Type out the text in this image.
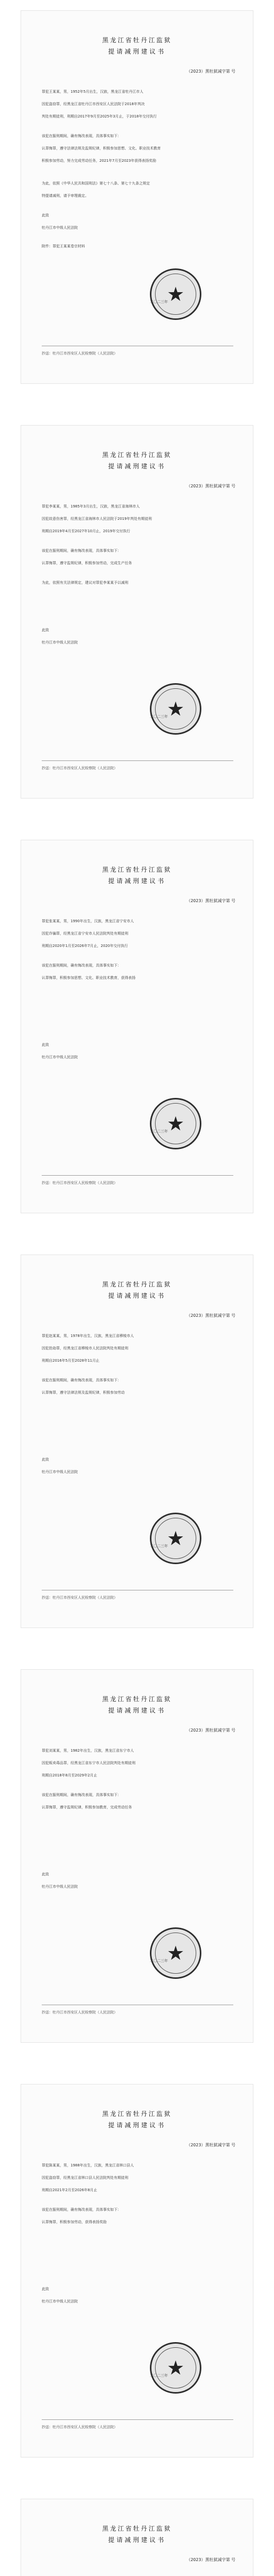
黑龙江省牡丹江监狱
提请减刑建议书
（2023）黑牡狱减字第 号
罪犯王某某，男，1952年5月出生，汉族，黑龙江省牡丹江市人
因犯盗窃罪，经黑龙江省牡丹江市西安区人民法院于2018年判决
判处有期徒刑，刑期自2017年9月至2025年3月止，于2018年交付执行
该犯在服刑期间，确有悔改表现，具体事实如下：
认罪悔罪，遵守法律法规及监规纪律，积极参加思想、文化、职业技术教育
积极参加劳动，努力完成劳动任务，2021年7月至2023年获得表扬奖励
为此，依照《中华人民共和国刑法》第七十八条、第七十九条之规定
特提请减刑，请予审理裁定。
此致
牡丹江市中级人民法院
附件：罪犯王某某卷宗材料
二〇二三年
★
抄送：牡丹江市西安区人民检察院（人民法院）
黑龙江省牡丹江监狱
提请减刑建议书
（2023）黑牡狱减字第 号
罪犯李某某，男，1985年3月出生，汉族，黑龙江省海林市人
因犯故意伤害罪，经黑龙江省海林市人民法院于2019年判处有期徒刑
刑期自2019年4月至2027年10月止，2019年交付执行
该犯在服刑期间，确有悔改表现，具体事实如下：
认罪悔罪，遵守监规纪律，积极参加劳动，完成生产任务
为此，依照有关法律规定，建议对罪犯李某某予以减刑
此致
牡丹江市中级人民法院
二〇二三年
★
抄送：牡丹江市西安区人民检察院（人民法院）
黑龙江省牡丹江监狱
提请减刑建议书
（2023）黑牡狱减字第 号
罪犯张某某，男，1990年出生，汉族，黑龙江省宁安市人
因犯诈骗罪，经黑龙江省宁安市人民法院判处有期徒刑
刑期自2020年1月至2026年7月止，2020年交付执行
该犯在服刑期间，确有悔改表现，具体事实如下：
认罪悔罪，积极参加思想、文化、职业技术教育，获得表扬
此致
牡丹江市中级人民法院
二〇二三年
★
抄送：牡丹江市西安区人民检察院（人民法院）
黑龙江省牡丹江监狱
提请减刑建议书
（2023）黑牡狱减字第 号
罪犯赵某某，男，1978年出生，汉族，黑龙江省穆棱市人
因犯抢劫罪，经黑龙江省穆棱市人民法院判处有期徒刑
刑期自2016年5月至2028年11月止
该犯在服刑期间，确有悔改表现，具体事实如下：
认罪悔罪，遵守法律法规及监规纪律，积极参加劳动
此致
牡丹江市中级人民法院
二〇二三年
★
抄送：牡丹江市西安区人民检察院（人民法院）
黑龙江省牡丹江监狱
提请减刑建议书
（2023）黑牡狱减字第 号
罪犯刘某某，男，1982年出生，汉族，黑龙江省东宁市人
因犯贩卖毒品罪，经黑龙江省东宁市人民法院判处有期徒刑
刑期自2018年8月至2029年2月止
该犯在服刑期间，确有悔改表现，具体事实如下：
认罪悔罪，遵守监规纪律，积极参加教育，完成劳动任务
此致
牡丹江市中级人民法院
二〇二三年
★
抄送：牡丹江市西安区人民检察院（人民法院）
黑龙江省牡丹江监狱
提请减刑建议书
（2023）黑牡狱减字第 号
罪犯陈某某，男，1988年出生，汉族，黑龙江省林口县人
因犯盗窃罪，经黑龙江省林口县人民法院判处有期徒刑
刑期自2021年2月至2026年8月止
该犯在服刑期间，确有悔改表现，具体事实如下：
认罪悔罪，积极参加劳动，获得表扬奖励
此致
牡丹江市中级人民法院
二〇二三年
★
抄送：牡丹江市西安区人民检察院（人民法院）
黑龙江省牡丹江监狱
提请减刑建议书
（2023）黑牡狱减字第 号
